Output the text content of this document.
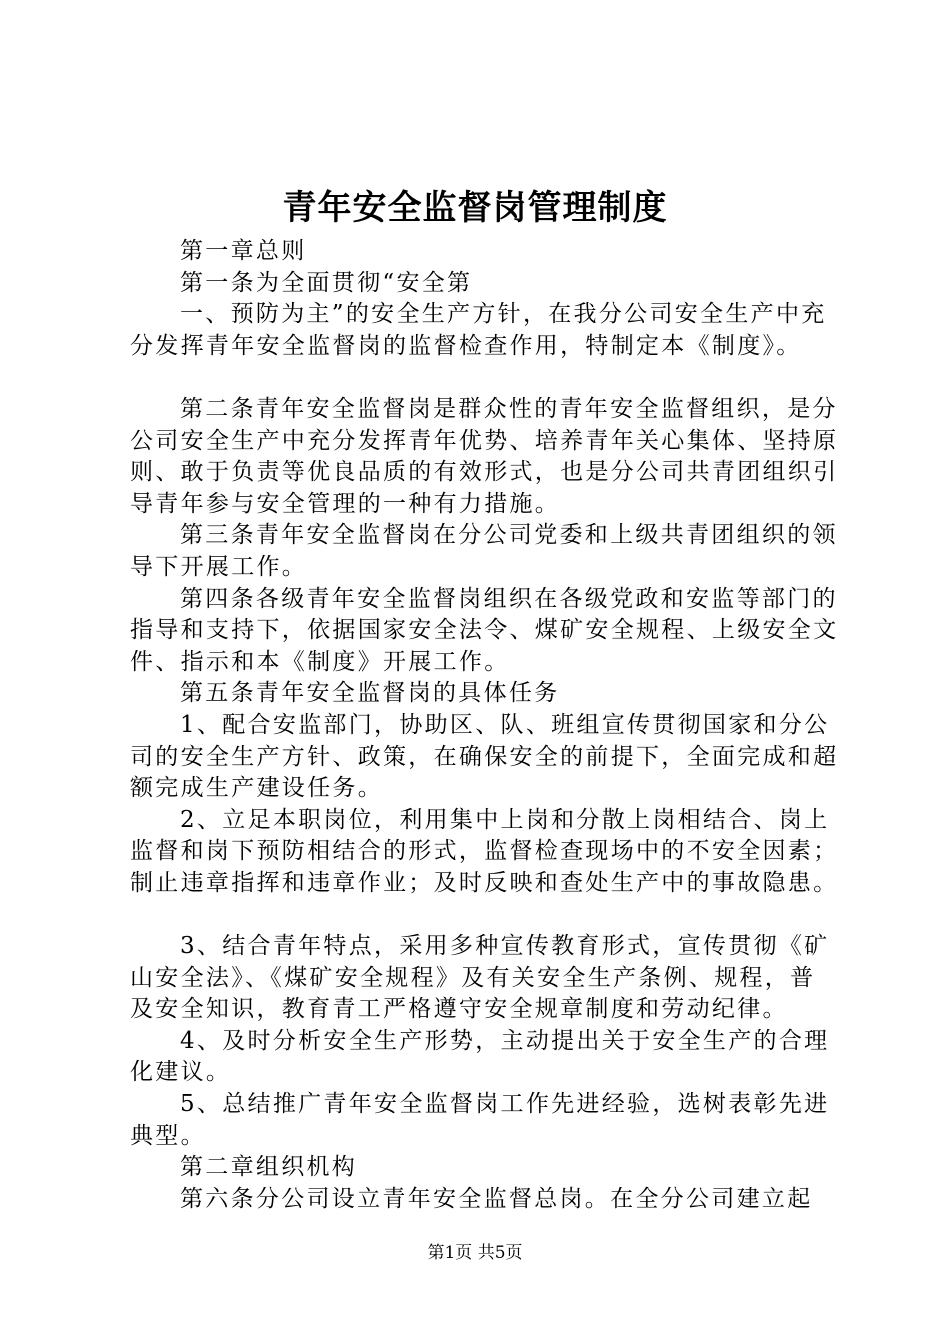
青年安全监督岗管理制度

第一章总则

第一条为全面贯彻“安全第

一、预防为主”的安全生产方针，在我分公司安全生产中充分发挥青年安全监督岗的监督检查作用，特制定本《制度》。

第二条青年安全监督岗是群众性的青年安全监督组织，是分公司安全生产中充分发挥青年优势、培养青年关心集体、坚持原则、敢于负责等优良品质的有效形式，也是分公司共青团组织引导青年参与安全管理的一种有力措施。

第三条青年安全监督岗在分公司党委和上级共青团组织的领导下开展工作。

第四条各级青年安全监督岗组织在各级党政和安监等部门的指导和支持下，依据国家安全法令、煤矿安全规程、上级安全文件、指示和本《制度》开展工作。

第五条青年安全监督岗的具体任务

1、配合安监部门，协助区、队、班组宣传贯彻国家和分公司的安全生产方针、政策，在确保安全的前提下，全面完成和超额完成生产建设任务。

2、立足本职岗位，利用集中上岗和分散上岗相结合、岗上监督和岗下预防相结合的形式，监督检查现场中的不安全因素；制止违章指挥和违章作业；及时反映和查处生产中的事故隐患。

3、结合青年特点，采用多种宣传教育形式，宣传贯彻《矿山安全法》、《煤矿安全规程》及有关安全生产条例、规程，普及安全知识，教育青工严格遵守安全规章制度和劳动纪律。

4、及时分析安全生产形势，主动提出关于安全生产的合理化建议。

5、总结推广青年安全监督岗工作先进经验，选树表彰先进典型。

第二章组织机构

第六条分公司设立青年安全监督总岗。在全分公司建立起

第1页 共5页
